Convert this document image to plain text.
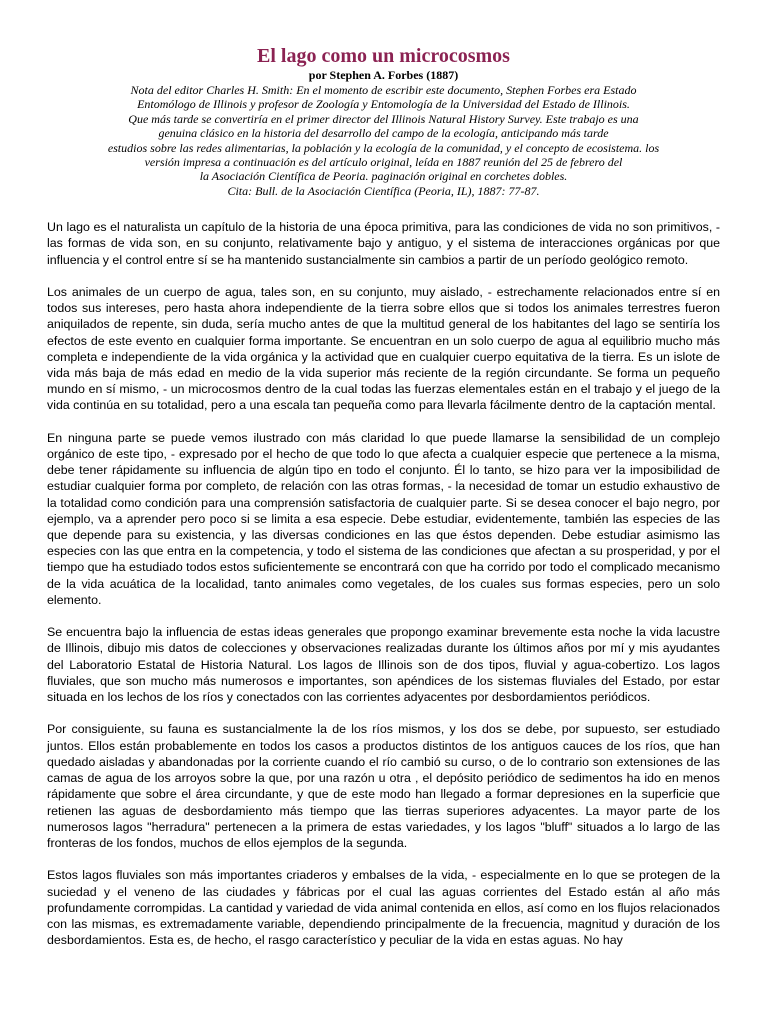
El lago como un microcosmos
por Stephen A. Forbes (1887)
Nota del editor Charles H. Smith: En el momento de escribir este documento, Stephen Forbes era Estado
Entomólogo de Illinois y profesor de Zoología y Entomología de la Universidad del Estado de Illinois.
Que más tarde se convertiría en el primer director del Illinois Natural History Survey. Este trabajo es una
genuina clásico en la historia del desarrollo del campo de la ecología, anticipando más tarde
estudios sobre las redes alimentarias, la población y la ecología de la comunidad, y el concepto de ecosistema. los
versión impresa a continuación es del artículo original, leída en 1887 reunión del 25 de febrero del
la Asociación Científica de Peoria. paginación original en corchetes dobles.
Cita: Bull. de la Asociación Científica (Peoria, IL), 1887: 77-87.

Un lago es el naturalista un capítulo de la historia de una época primitiva, para las condiciones de vida no son primitivos, - las formas de vida son, en su conjunto, relativamente bajo y antiguo, y el sistema de interacciones orgánicas por que influencia y el control entre sí se ha mantenido sustancialmente sin cambios a partir de un período geológico remoto.

Los animales de un cuerpo de agua, tales son, en su conjunto, muy aislado, - estrechamente relacionados entre sí en todos sus intereses, pero hasta ahora independiente de la tierra sobre ellos que si todos los animales terrestres fueron aniquilados de repente, sin duda, sería mucho antes de que la multitud general de los habitantes del lago se sentiría los efectos de este evento en cualquier forma importante. Se encuentran en un solo cuerpo de agua al equilibrio mucho más completa e independiente de la vida orgánica y la actividad que en cualquier cuerpo equitativa de la tierra. Es un islote de vida más baja de más edad en medio de la vida superior más reciente de la región circundante. Se forma un pequeño mundo en sí mismo, - un microcosmos dentro de la cual todas las fuerzas elementales están en el trabajo y el juego de la vida continúa en su totalidad, pero a una escala tan pequeña como para llevarla fácilmente dentro de la captación mental.

En ninguna parte se puede vemos ilustrado con más claridad lo que puede llamarse la sensibilidad de un complejo orgánico de este tipo, - expresado por el hecho de que todo lo que afecta a cualquier especie que pertenece a la misma, debe tener rápidamente su influencia de algún tipo en todo el conjunto. Él lo tanto, se hizo para ver la imposibilidad de estudiar cualquier forma por completo, de relación con las otras formas, - la necesidad de tomar un estudio exhaustivo de la totalidad como condición para una comprensión satisfactoria de cualquier parte. Si se desea conocer el bajo negro, por ejemplo, va a aprender pero poco si se limita a esa especie. Debe estudiar, evidentemente, también las especies de las que depende para su existencia, y las diversas condiciones en las que éstos dependen. Debe estudiar asimismo las especies con las que entra en la competencia, y todo el sistema de las condiciones que afectan a su prosperidad, y por el tiempo que ha estudiado todos estos suficientemente se encontrará con que ha corrido por todo el complicado mecanismo de la vida acuática de la localidad, tanto animales como vegetales, de los cuales sus formas especies, pero un solo elemento.

Se encuentra bajo la influencia de estas ideas generales que propongo examinar brevemente esta noche la vida lacustre de Illinois, dibujo mis datos de colecciones y observaciones realizadas durante los últimos años por mí y mis ayudantes del Laboratorio Estatal de Historia Natural. Los lagos de Illinois son de dos tipos, fluvial y agua-cobertizo. Los lagos fluviales, que son mucho más numerosos e importantes, son apéndices de los sistemas fluviales del Estado, por estar situada en los lechos de los ríos y conectados con las corrientes adyacentes por desbordamientos periódicos.

Por consiguiente, su fauna es sustancialmente la de los ríos mismos, y los dos se debe, por supuesto, ser estudiado juntos. Ellos están probablemente en todos los casos a productos distintos de los antiguos cauces de los ríos, que han quedado aisladas y abandonadas por la corriente cuando el río cambió su curso, o de lo contrario son extensiones de las camas de agua de los arroyos sobre la que, por una razón u otra , el depósito periódico de sedimentos ha ido en menos rápidamente que sobre el área circundante, y que de este modo han llegado a formar depresiones en la superficie que retienen las aguas de desbordamiento más tiempo que las tierras superiores adyacentes. La mayor parte de los numerosos lagos "herradura" pertenecen a la primera de estas variedades, y los lagos "bluff" situados a lo largo de las fronteras de los fondos, muchos de ellos ejemplos de la segunda.

Estos lagos fluviales son más importantes criaderos y embalses de la vida, - especialmente en lo que se protegen de la suciedad y el veneno de las ciudades y fábricas por el cual las aguas corrientes del Estado están al año más profundamente corrompidas. La cantidad y variedad de vida animal contenida en ellos, así como en los flujos relacionados con las mismas, es extremadamente variable, dependiendo principalmente de la frecuencia, magnitud y duración de los desbordamientos. Esta es, de hecho, el rasgo característico y peculiar de la vida en estas aguas. No hay
